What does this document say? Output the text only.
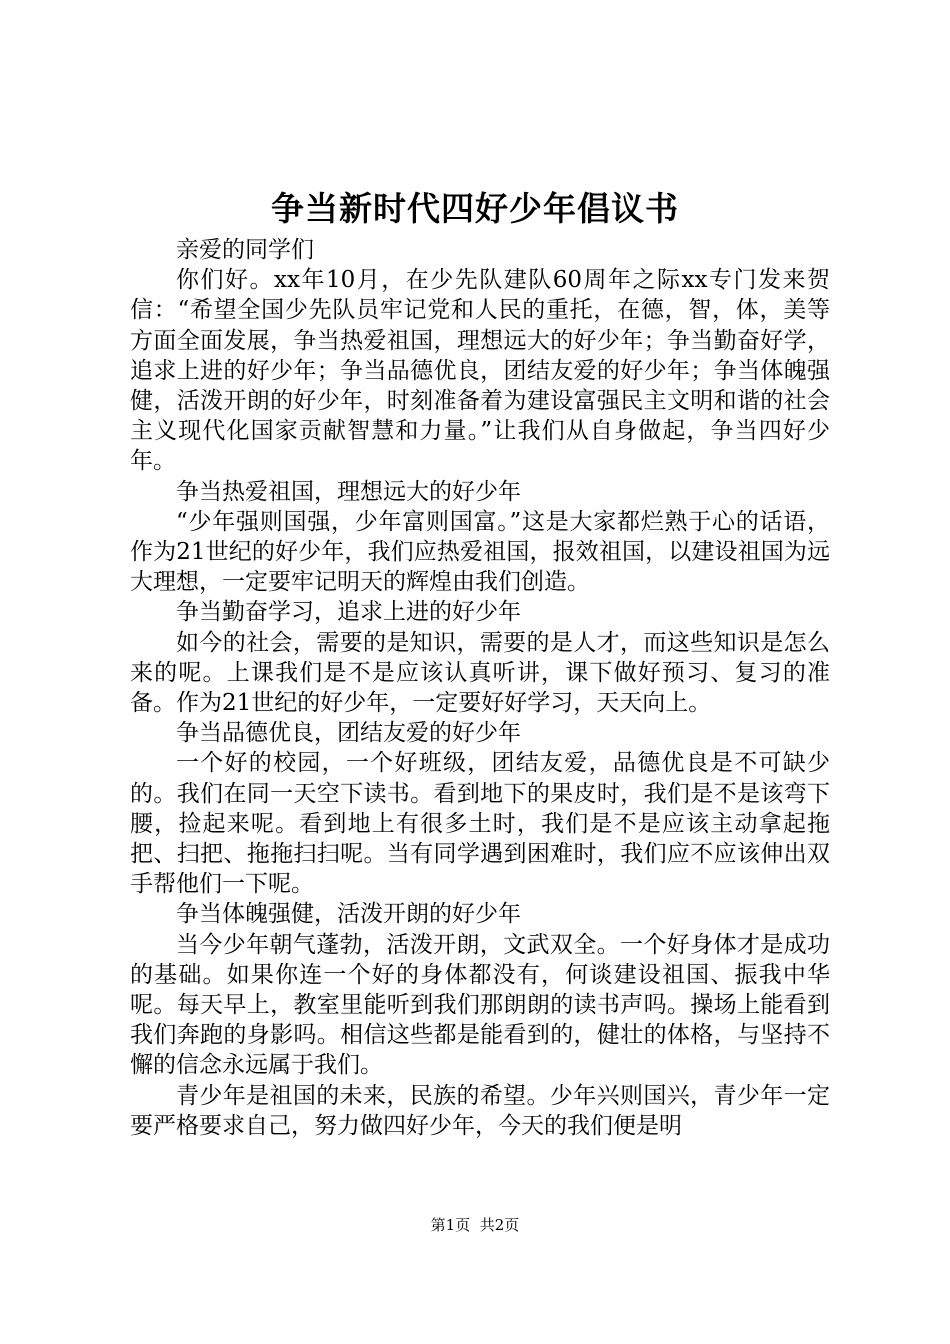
争当新时代四好少年倡议书

亲爱的同学们

你们好。xx年10月，在少先队建队60周年之际xx专门发来贺信：“希望全国少先队员牢记党和人民的重托，在德，智，体，美等方面全面发展，争当热爱祖国，理想远大的好少年；争当勤奋好学，追求上进的好少年；争当品德优良，团结友爱的好少年；争当体魄强健，活泼开朗的好少年，时刻准备着为建设富强民主文明和谐的社会主义现代化国家贡献智慧和力量。”让我们从自身做起，争当四好少年。

争当热爱祖国，理想远大的好少年

“少年强则国强，少年富则国富。”这是大家都烂熟于心的话语，作为21世纪的好少年，我们应热爱祖国，报效祖国，以建设祖国为远大理想，一定要牢记明天的辉煌由我们创造。

争当勤奋学习，追求上进的好少年

如今的社会，需要的是知识，需要的是人才，而这些知识是怎么来的呢。上课我们是不是应该认真听讲，课下做好预习、复习的准备。作为21世纪的好少年，一定要好好学习，天天向上。

争当品德优良，团结友爱的好少年

一个好的校园，一个好班级，团结友爱，品德优良是不可缺少的。我们在同一天空下读书。看到地下的果皮时，我们是不是该弯下腰，捡起来呢。看到地上有很多土时，我们是不是应该主动拿起拖把、扫把、拖拖扫扫呢。当有同学遇到困难时，我们应不应该伸出双手帮他们一下呢。

争当体魄强健，活泼开朗的好少年

当今少年朝气蓬勃，活泼开朗，文武双全。一个好身体才是成功的基础。如果你连一个好的身体都没有，何谈建设祖国、振我中华呢。每天早上，教室里能听到我们那朗朗的读书声吗。操场上能看到我们奔跑的身影吗。相信这些都是能看到的，健壮的体格，与坚持不懈的信念永远属于我们。

青少年是祖国的未来，民族的希望。少年兴则国兴，青少年一定要严格要求自己，努力做四好少年，今天的我们便是明

第1页 共2页
